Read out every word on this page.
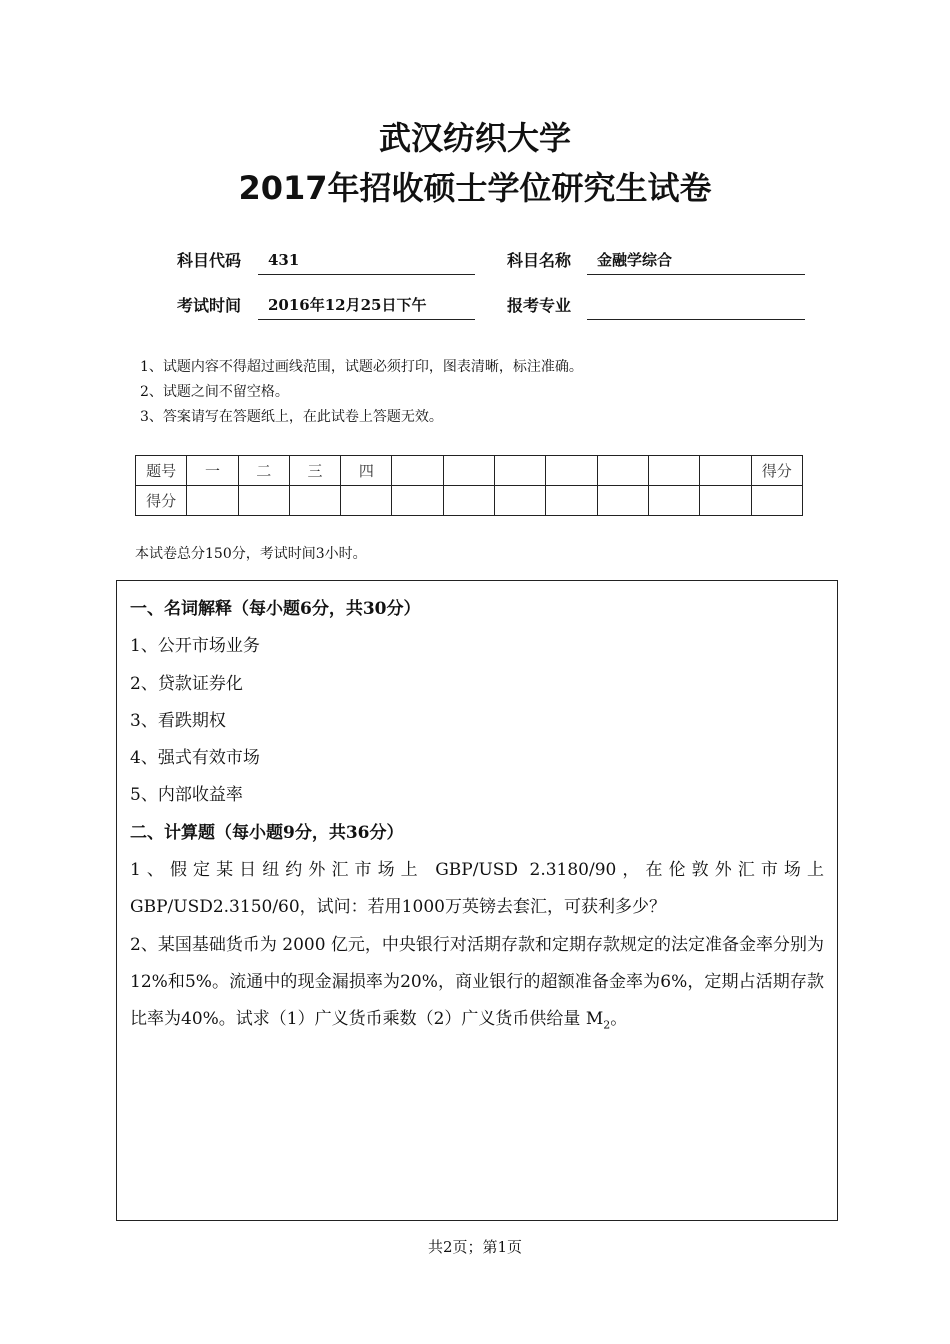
武汉纺织大学
2017年招收硕士学位研究生试卷
科目代码	431	科目名称	金融学综合
考试时间	2016年12月25日下午	报考专业
1、试题内容不得超过画线范围，试题必须打印，图表清晰，标注准确。
2、试题之间不留空格。
3、答案请写在答题纸上，在此试卷上答题无效。
题号	一	二	三	四								得分
得分												
本试卷总分150分，考试时间3小时。

一、名词解释（每小题6分，共30分）

1、公开市场业务

2、贷款证券化

3、看跌期权

4、强式有效市场

5、内部收益率

二、计算题（每小题9分，共36分）

1、假定某日纽约外汇市场上 GBP/USD 2.3180/90，在伦敦外汇市场上

GBP/USD2.3150/60，试问：若用1000万英镑去套汇，可获利多少？

2、某国基础货币为 2000 亿元，中央银行对活期存款和定期存款规定的法定准备金率分别为12%和5%。流通中的现金漏损率为20%，商业银行的超额准备金率为6%，定期占活期存款比率为40%。试求（1）广义货币乘数（2）广义货币供给量 $M_2$。

共2页；第1页
